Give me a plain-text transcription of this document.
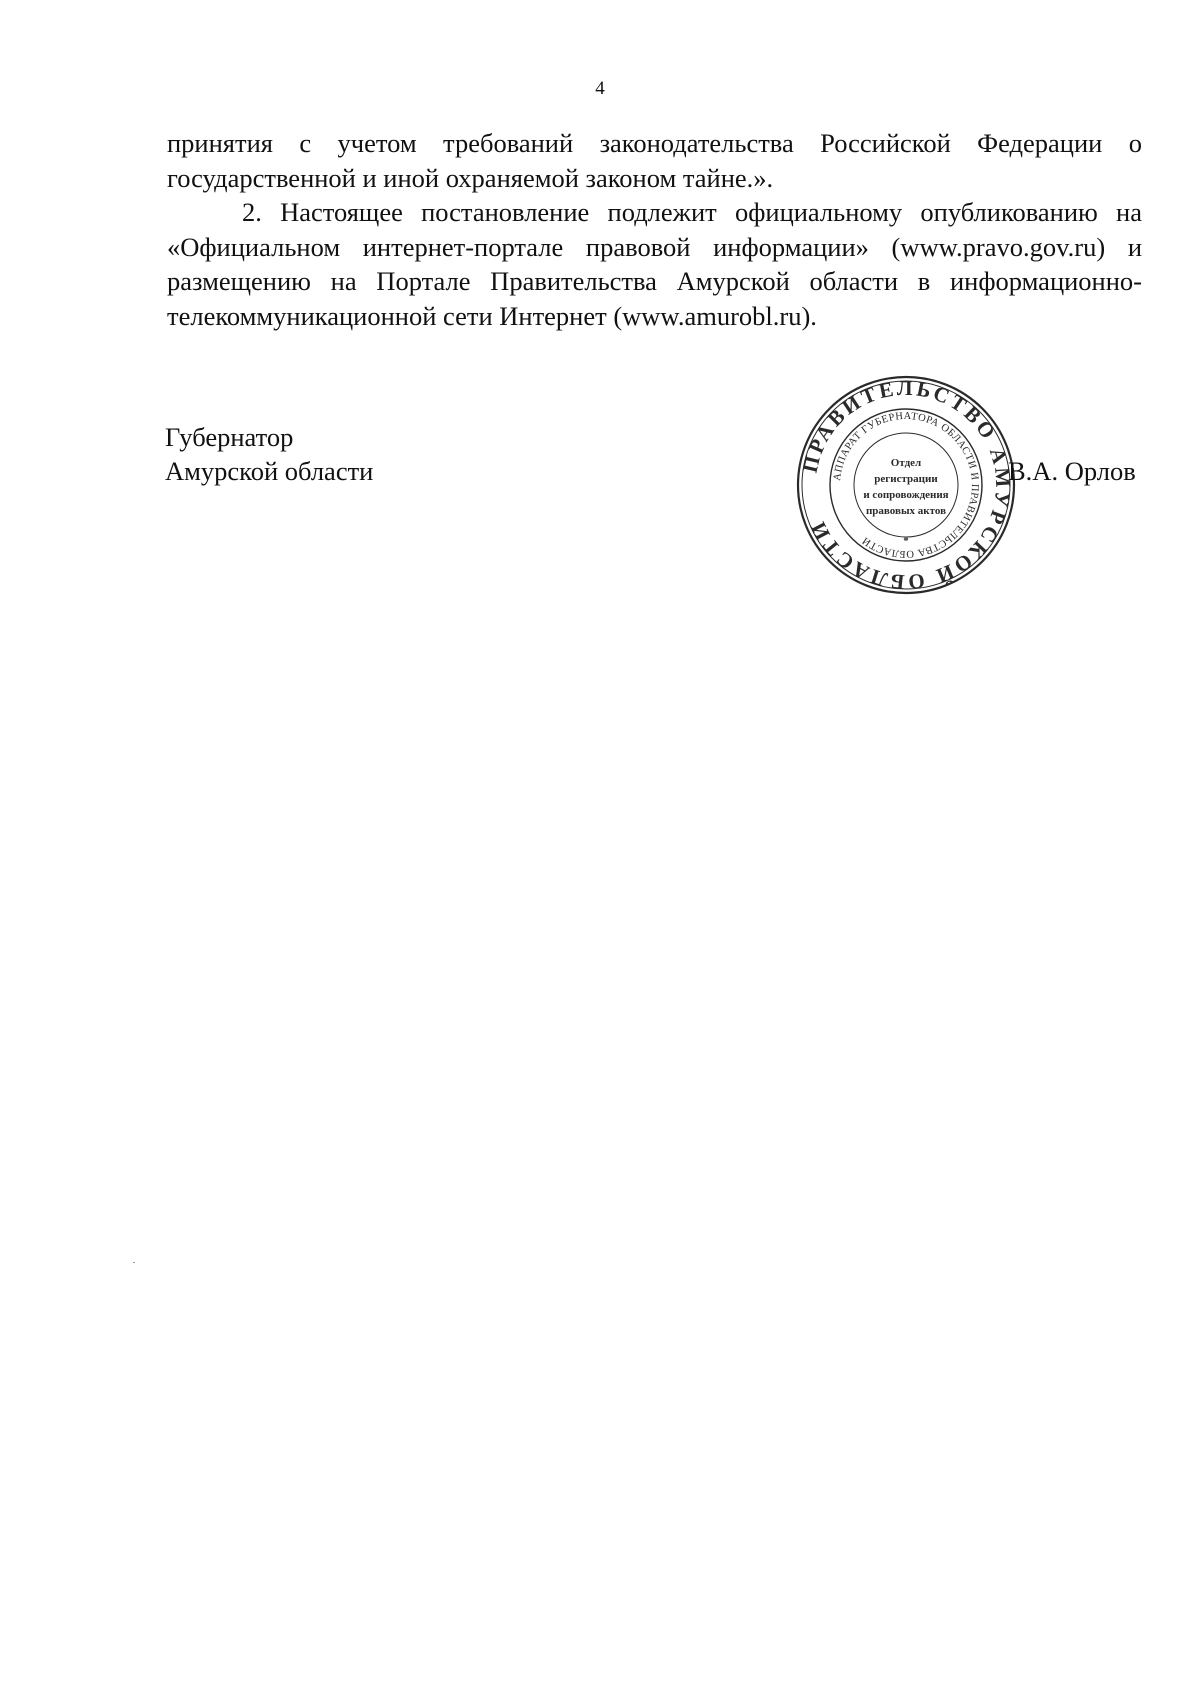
4

принятия с учетом требований законодательства Российской Федерации о государственной и иной охраняемой законом тайне.».

2. Настоящее постановление подлежит официальному опубликованию на «Официальном интернет-портале правовой информации» (www.pravo.gov.ru) и размещению на Портале Правительства Амурской области в информационно-телекоммуникационной сети Интернет (www.amurobl.ru).

Губернатор
Амурской области	ПРАВИТЕЛЬСТВО АМУРСКОЙ ОБЛАСТИ
АППАРАТ ГУБЕРНАТОРА ОБЛАСТИ И ПРАВИТЕЛЬСТВА ОБЛАСТИ
Отдел
регистрации
и сопровождения
правовых актов
*
В.А. Орлов
